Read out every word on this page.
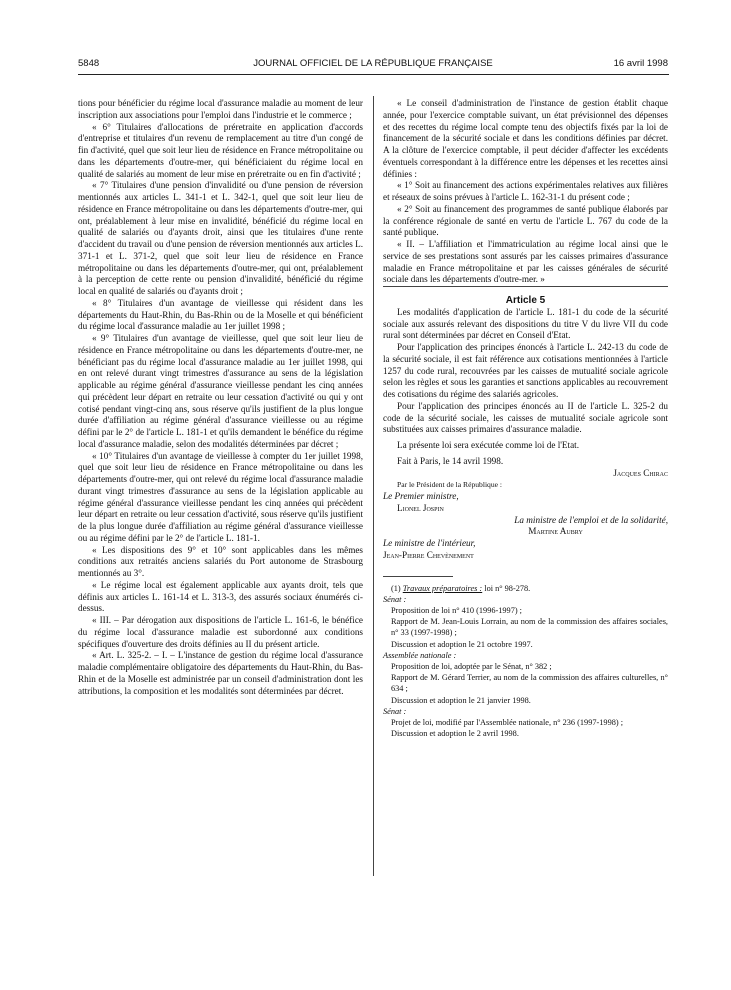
5848	JOURNAL OFFICIEL DE LA RÉPUBLIQUE FRANÇAISE	16 avril 1998

tions pour bénéficier du régime local d'assurance maladie au moment de leur inscription aux associations pour l'emploi dans l'industrie et le commerce ;

« 6° Titulaires d'allocations de préretraite en application d'accords d'entreprise et titulaires d'un revenu de remplacement au titre d'un congé de fin d'activité, quel que soit leur lieu de résidence en France métropolitaine ou dans les départements d'outre-mer, qui bénéficiaient du régime local en qualité de salariés au moment de leur mise en préretraite ou en fin d'activité ;

« 7° Titulaires d'une pension d'invalidité ou d'une pension de réversion mentionnés aux articles L. 341-1 et L. 342-1, quel que soit leur lieu de résidence en France métropolitaine ou dans les départements d'outre-mer, qui ont, préalablement à leur mise en invalidité, bénéficié du régime local en qualité de salariés ou d'ayants droit, ainsi que les titulaires d'une rente d'accident du travail ou d'une pension de réversion mentionnés aux articles L. 371-1 et L. 371-2, quel que soit leur lieu de résidence en France métropolitaine ou dans les départements d'outre-mer, qui ont, préalablement à la perception de cette rente ou pension d'invalidité, bénéficié du régime local en qualité de salariés ou d'ayants droit ;

« 8° Titulaires d'un avantage de vieillesse qui résident dans les départements du Haut-Rhin, du Bas-Rhin ou de la Moselle et qui bénéficient du régime local d'assurance maladie au 1er juillet 1998 ;

« 9° Titulaires d'un avantage de vieillesse, quel que soit leur lieu de résidence en France métropolitaine ou dans les départements d'outre-mer, ne bénéficiant pas du régime local d'assurance maladie au 1er juillet 1998, qui en ont relevé durant vingt trimestres d'assurance au sens de la législation applicable au régime général d'assurance vieillesse pendant les cinq années qui précèdent leur départ en retraite ou leur cessation d'activité ou qui y ont cotisé pendant vingt-cinq ans, sous réserve qu'ils justifient de la plus longue durée d'affiliation au régime général d'assurance vieillesse ou au régime défini par le 2° de l'article L. 181-1 et qu'ils demandent le bénéfice du régime local d'assurance maladie, selon des modalités déterminées par décret ;

« 10° Titulaires d'un avantage de vieillesse à compter du 1er juillet 1998, quel que soit leur lieu de résidence en France métropolitaine ou dans les départements d'outre-mer, qui ont relevé du régime local d'assurance maladie durant vingt trimestres d'assurance au sens de la législation applicable au régime général d'assurance vieillesse pendant les cinq années qui précèdent leur départ en retraite ou leur cessation d'activité, sous réserve qu'ils justifient de la plus longue durée d'affiliation au régime général d'assurance vieillesse ou au régime défini par le 2° de l'article L. 181-1.

« Les dispositions des 9° et 10° sont applicables dans les mêmes conditions aux retraités anciens salariés du Port autonome de Strasbourg mentionnés au 3°.

« Le régime local est également applicable aux ayants droit, tels que définis aux articles L. 161-14 et L. 313-3, des assurés sociaux énumérés ci-dessus.

« III. – Par dérogation aux dispositions de l'article L. 161-6, le bénéfice du régime local d'assurance maladie est subordonné aux conditions spécifiques d'ouverture des droits définies au II du présent article.

« Art. L. 325-2. – I. – L'instance de gestion du régime local d'assurance maladie complémentaire obligatoire des départements du Haut-Rhin, du Bas-Rhin et de la Moselle est administrée par un conseil d'administration dont les attributions, la composition et les modalités sont déterminées par décret.

« Le conseil d'administration de l'instance de gestion établit chaque année, pour l'exercice comptable suivant, un état prévisionnel des dépenses et des recettes du régime local compte tenu des objectifs fixés par la loi de financement de la sécurité sociale et dans les conditions définies par décret. A la clôture de l'exercice comptable, il peut décider d'affecter les excédents éventuels correspondant à la différence entre les dépenses et les recettes ainsi définies :

« 1° Soit au financement des actions expérimentales relatives aux filières et réseaux de soins prévues à l'article L. 162-31-1 du présent code ;

« 2° Soit au financement des programmes de santé publique élaborés par la conférence régionale de santé en vertu de l'article L. 767 du code de la santé publique.

« II. – L'affiliation et l'immatriculation au régime local ainsi que le service de ses prestations sont assurés par les caisses primaires d'assurance maladie en France métropolitaine et par les caisses générales de sécurité sociale dans les départements d'outre-mer. »

Article 5

Les modalités d'application de l'article L. 181-1 du code de la sécurité sociale aux assurés relevant des dispositions du titre V du livre VII du code rural sont déterminées par décret en Conseil d'Etat.

Pour l'application des principes énoncés à l'article L. 242-13 du code de la sécurité sociale, il est fait référence aux cotisations mentionnées à l'article 1257 du code rural, recouvrées par les caisses de mutualité sociale agricole selon les règles et sous les garanties et sanctions applicables au recouvrement des cotisations du régime des salariés agricoles.

Pour l'application des principes énoncés au II de l'article L. 325-2 du code de la sécurité sociale, les caisses de mutualité sociale agricole sont substituées aux caisses primaires d'assurance maladie.

La présente loi sera exécutée comme loi de l'Etat.

Fait à Paris, le 14 avril 1998.

Jacques Chirac

Par le Président de la République :

Le Premier ministre,

Lionel Jospin

La ministre de l'emploi et de la solidarité,

Martine Aubry

Le ministre de l'intérieur,

Jean-Pierre Chevènement

(1) Travaux préparatoires : loi n° 98-278.

Sénat :

Proposition de loi n° 410 (1996-1997) ;

Rapport de M. Jean-Louis Lorrain, au nom de la commission des affaires sociales, n° 33 (1997-1998) ;

Discussion et adoption le 21 octobre 1997.

Assemblée nationale :

Proposition de loi, adoptée par le Sénat, n° 382 ;

Rapport de M. Gérard Terrier, au nom de la commission des affaires culturelles, n° 634 ;

Discussion et adoption le 21 janvier 1998.

Sénat :

Projet de loi, modifié par l'Assemblée nationale, n° 236 (1997-1998) ;

Discussion et adoption le 2 avril 1998.
